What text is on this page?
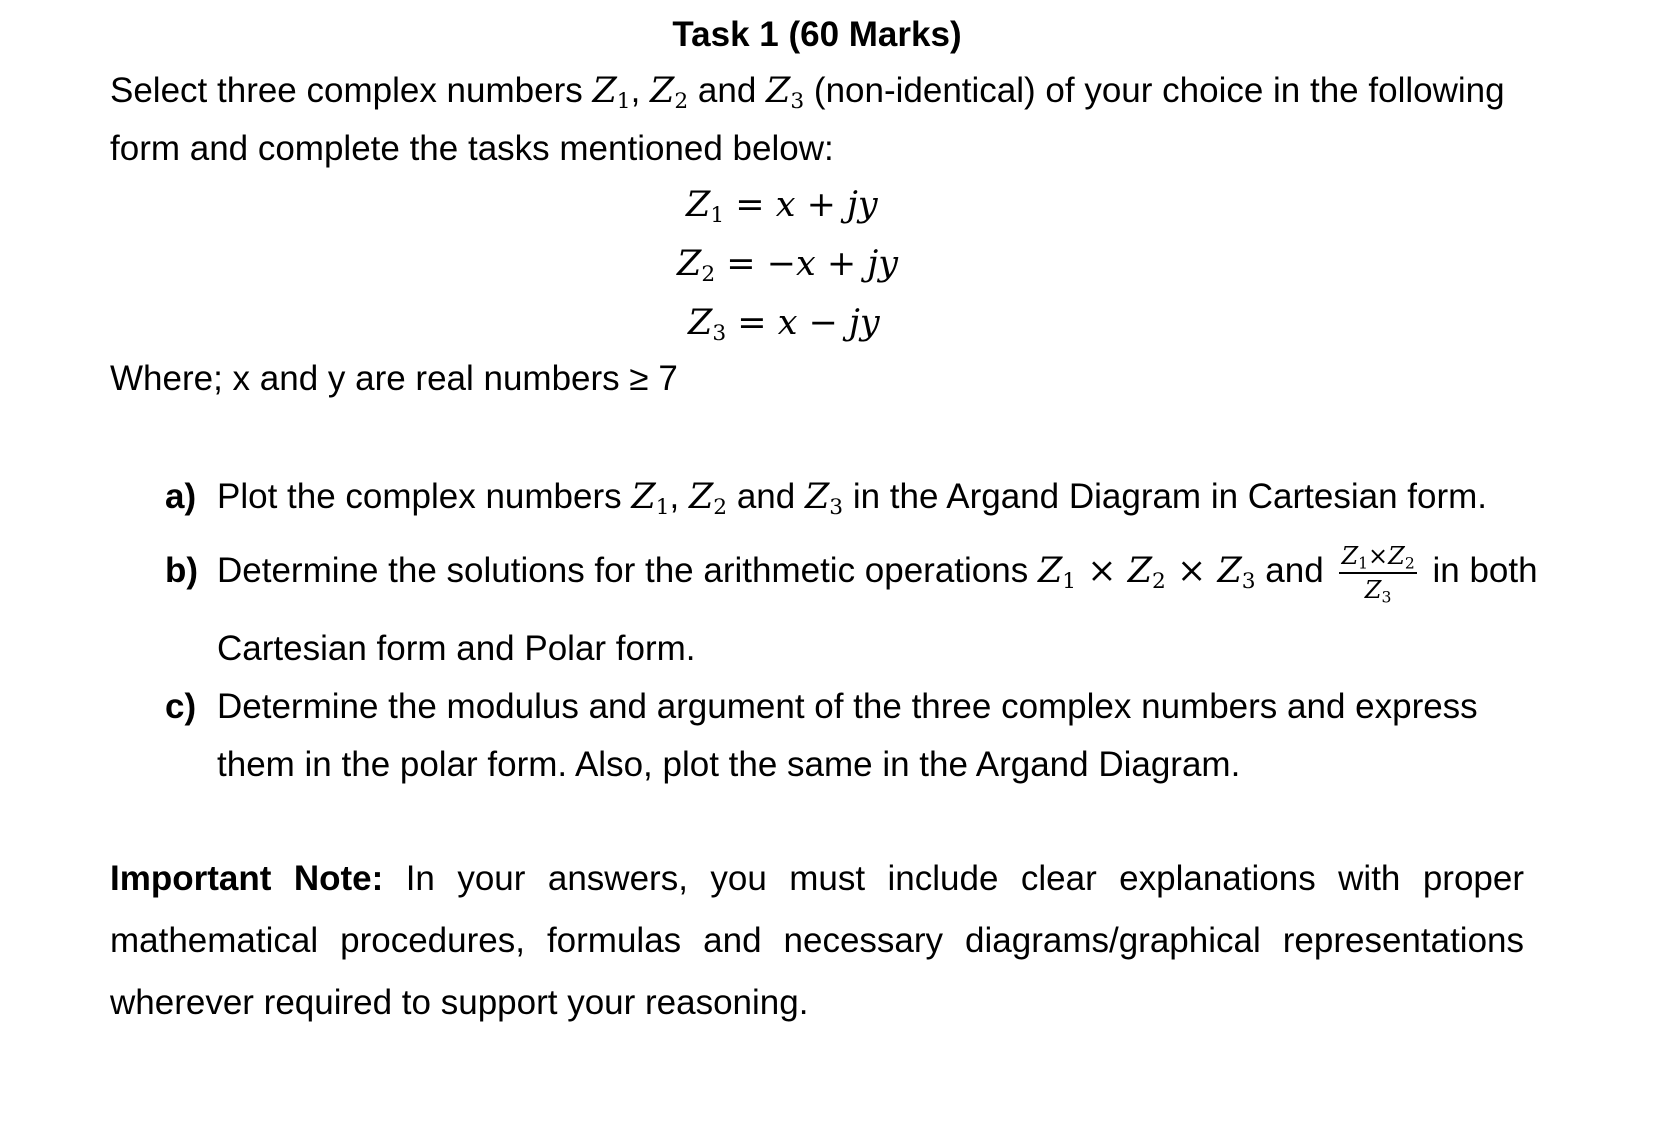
Task 1 (60 Marks)
Select three complex numbers $Z_1$, $Z_2$ and $Z_3$ (non-identical) of your choice in the following
form and complete the tasks mentioned below:
$Z_1 = x$ + jy
$Z_2 = -x$ + jy
$Z_3 = x$ − jy
Where; x and y are real numbers ≥ 7
a) Plot the complex numbers $Z_1$, $Z_2$ and $Z_3$ in the Argand Diagram in Cartesian form.
b) Determine the solutions for the arithmetic operations $Z_1 \times Z_2 \times Z_3$ and $\frac{Z_1\times Z_2}{Z_3}$ in both
Cartesian form and Polar form.
c) Determine the modulus and argument of the three complex numbers and express
them in the polar form. Also, plot the same in the Argand Diagram.
Important Note: In your answers, you must include clear explanations with proper
mathematical procedures, formulas and necessary diagrams/graphical representations
wherever required to support your reasoning.
